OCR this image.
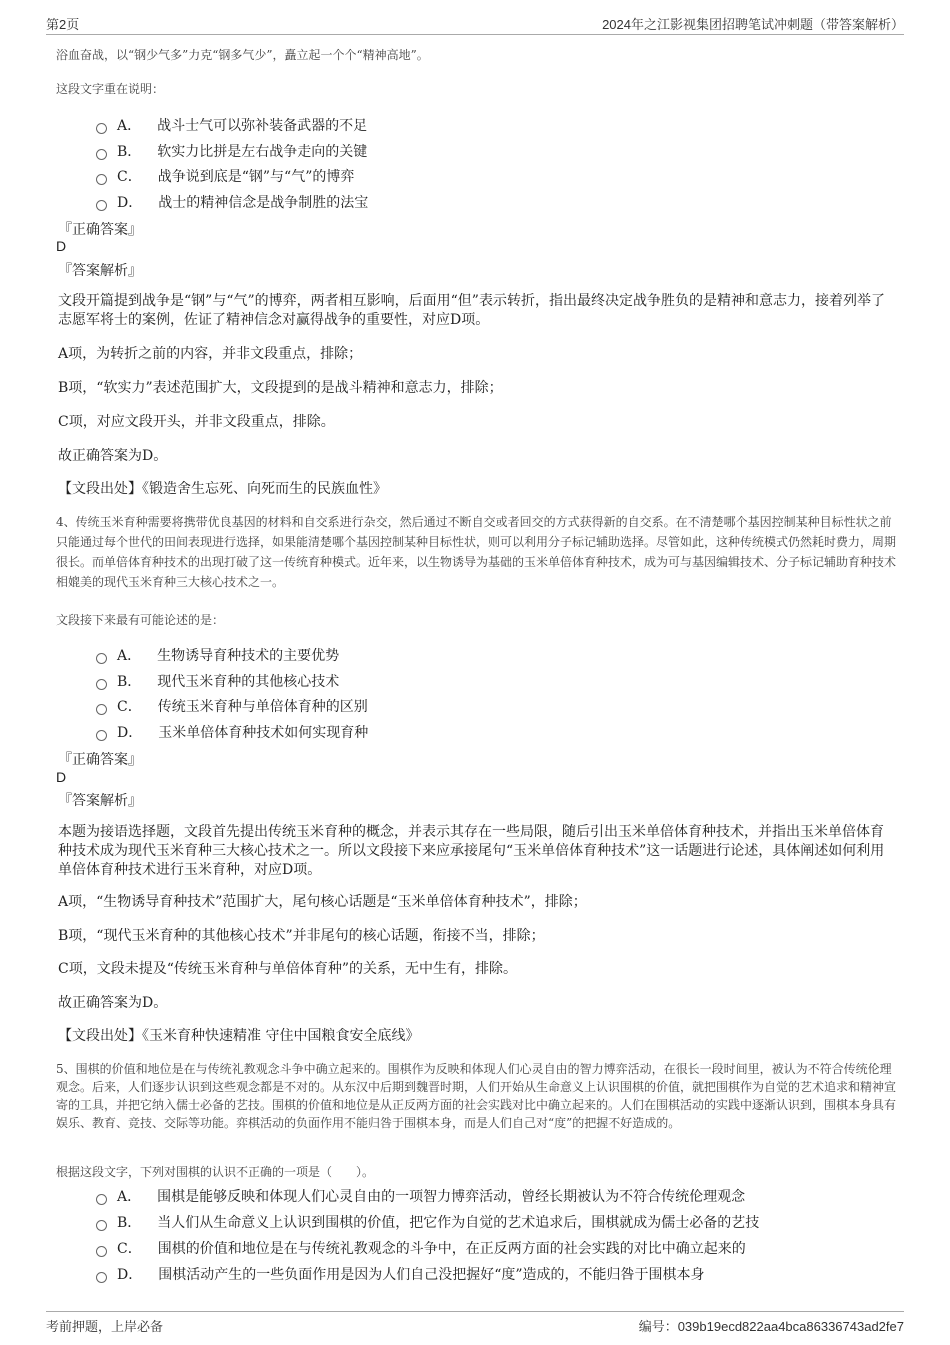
第2页	2024年之江影视集团招聘笔试冲刺题（带答案解析）
浴血奋战，以“钢少气多”力克“钢多气少”，矗立起一个个“精神高地”。
这段文字重在说明：
A． 战斗士气可以弥补装备武器的不足
B． 软实力比拼是左右战争走向的关键
C． 战争说到底是“钢”与“气”的博弈
D． 战士的精神信念是战争制胜的法宝
『正确答案』
D
『答案解析』
文段开篇提到战争是“钢”与“气”的博弈，两者相互影响，后面用“但”表示转折，指出最终决定战争胜负的是精神和意志力，接着列举了志愿军将士的案例，佐证了精神信念对赢得战争的重要性，对应D项。
A项，为转折之前的内容，并非文段重点，排除；
B项，“软实力”表述范围扩大，文段提到的是战斗精神和意志力，排除；
C项，对应文段开头，并非文段重点，排除。
故正确答案为D。
【文段出处】《锻造舍生忘死、向死而生的民族血性》
4、传统玉米育种需要将携带优良基因的材料和自交系进行杂交，然后通过不断自交或者回交的方式获得新的自交系。在不清楚哪个基因控制某种目标性状之前只能通过每个世代的田间表现进行选择，如果能清楚哪个基因控制某种目标性状，则可以利用分子标记辅助选择。尽管如此，这种传统模式仍然耗时费力，周期很长。而单倍体育种技术的出现打破了这一传统育种模式。近年来，以生物诱导为基础的玉米单倍体育种技术，成为可与基因编辑技术、分子标记辅助育种技术相媲美的现代玉米育种三大核心技术之一。
文段接下来最有可能论述的是：
A． 生物诱导育种技术的主要优势
B． 现代玉米育种的其他核心技术
C． 传统玉米育种与单倍体育种的区别
D． 玉米单倍体育种技术如何实现育种
『正确答案』
D
『答案解析』
本题为接语选择题，文段首先提出传统玉米育种的概念，并表示其存在一些局限，随后引出玉米单倍体育种技术，并指出玉米单倍体育种技术成为现代玉米育种三大核心技术之一。所以文段接下来应承接尾句“玉米单倍体育种技术”这一话题进行论述，具体阐述如何利用单倍体育种技术进行玉米育种，对应D项。
A项，“生物诱导育种技术”范围扩大，尾句核心话题是“玉米单倍体育种技术”，排除；
B项，“现代玉米育种的其他核心技术”并非尾句的核心话题，衔接不当，排除；
C项，文段未提及“传统玉米育种与单倍体育种”的关系，无中生有，排除。
故正确答案为D。
【文段出处】《玉米育种快速精准 守住中国粮食安全底线》
5、围棋的价值和地位是在与传统礼教观念斗争中确立起来的。围棋作为反映和体现人们心灵自由的智力博弈活动，在很长一段时间里，被认为不符合传统伦理观念。后来，人们逐步认识到这些观念都是不对的。从东汉中后期到魏晋时期，人们开始从生命意义上认识围棋的价值，就把围棋作为自觉的艺术追求和精神宣寄的工具，并把它纳入儒士必备的艺技。围棋的价值和地位是从正反两方面的社会实践对比中确立起来的。人们在围棋活动的实践中逐渐认识到，围棋本身具有娱乐、教育、竞技、交际等功能。弈棋活动的负面作用不能归咎于围棋本身，而是人们自己对“度”的把握不好造成的。
根据这段文字，下列对围棋的认识不正确的一项是（　　）。
A． 围棋是能够反映和体现人们心灵自由的一项智力博弈活动，曾经长期被认为不符合传统伦理观念
B． 当人们从生命意义上认识到围棋的价值，把它作为自觉的艺术追求后，围棋就成为儒士必备的艺技
C． 围棋的价值和地位是在与传统礼教观念的斗争中，在正反两方面的社会实践的对比中确立起来的
D． 围棋活动产生的一些负面作用是因为人们自己没把握好“度”造成的，不能归咎于围棋本身
考前押题，上岸必备	编号：039b19ecd822aa4bca86336743ad2fe7
